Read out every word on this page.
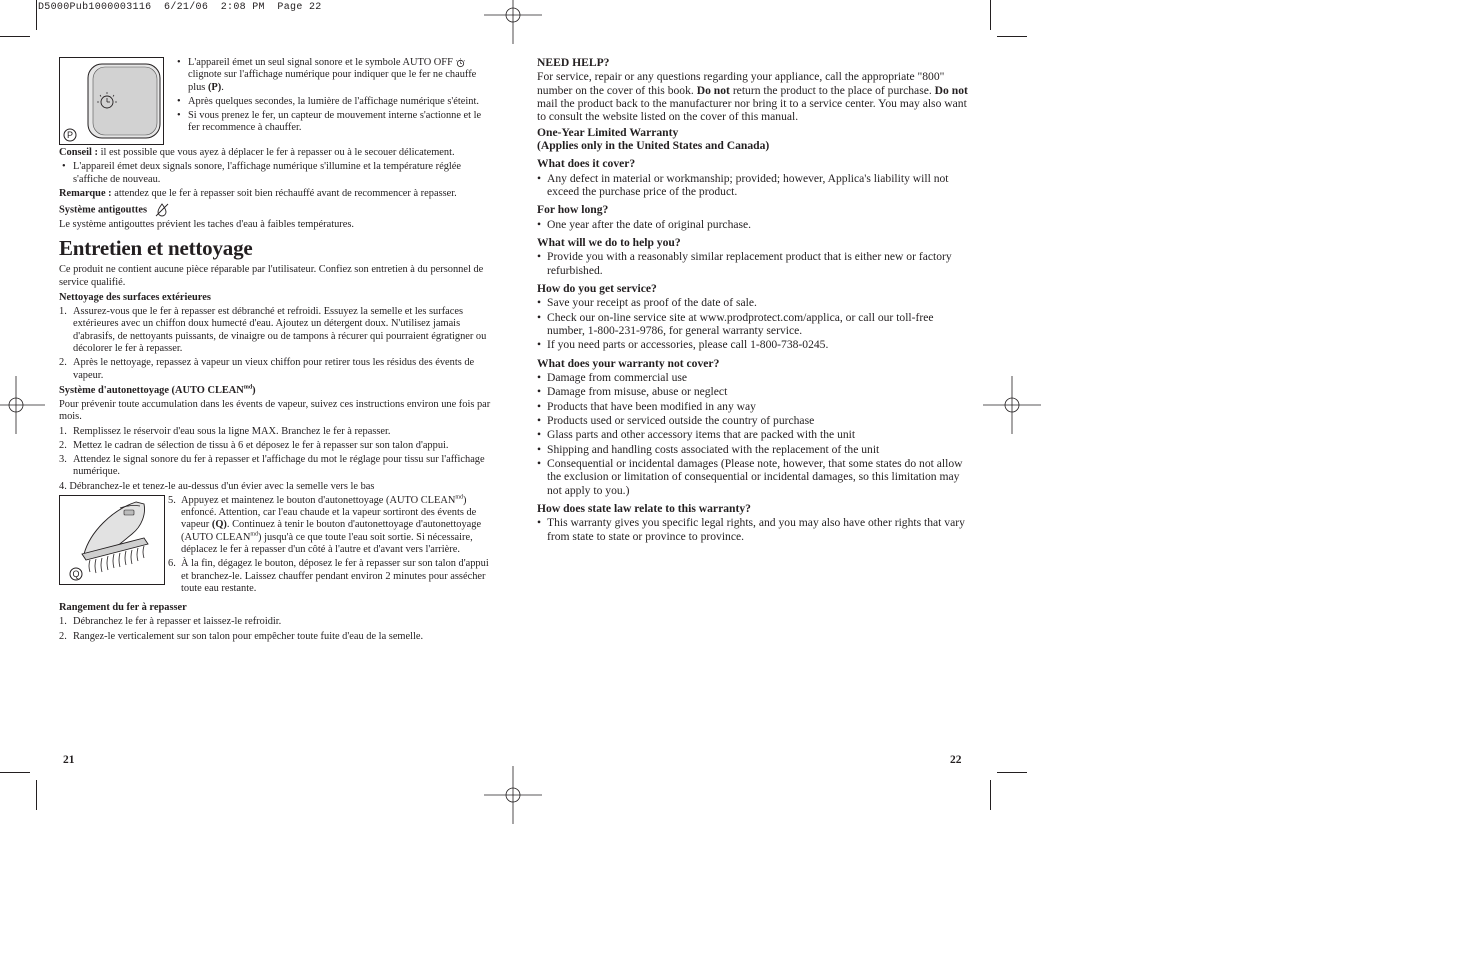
D5000Pub1000003116  6/21/06  2:08 PM  Page 22
P
• L'appareil émet un seul signal sonore et le symbole AUTO OFF  clignote sur l'affichage numérique pour indiquer que le fer ne chauffe plus (P).
• Après quelques secondes, la lumière de l'affichage numérique s'éteint.
• Si vous prenez le fer, un capteur de mouvement interne s'actionne et le fer recommence à chauffer.

Conseil : il est possible que vous ayez à déplacer le fer à repasser ou à le secouer délicatement.

• L'appareil émet deux signals sonore, l'affichage numérique s'illumine et la température réglée s'affiche de nouveau.

Remarque : attendez que le fer à repasser soit bien réchauffé avant de recommencer à repasser.

Système antigouttes

Le système antigouttes prévient les taches d'eau à faibles températures.

Entretien et nettoyage

Ce produit ne contient aucune pièce réparable par l'utilisateur. Confiez son entretien à du personnel de service qualifié.

Nettoyage des surfaces extérieures

1. Assurez-vous que le fer à repasser est débranché et refroidi. Essuyez la semelle et les surfaces extérieures avec un chiffon doux humecté d'eau. Ajoutez un détergent doux. N'utilisez jamais d'abrasifs, de nettoyants puissants, de vinaigre ou de tampons à récurer qui pourraient égratigner ou décolorer le fer à repasser.
2. Après le nettoyage, repassez à vapeur un vieux chiffon pour retirer tous les résidus des évents de vapeur.

Système d'autonettoyage (AUTO $CLEAN^{md}$)

Pour prévenir toute accumulation dans les évents de vapeur, suivez ces instructions environ une fois par mois.

1. Remplissez le réservoir d'eau sous la ligne MAX. Branchez le fer à repasser.
2. Mettez le cadran de sélection de tissu à 6 et déposez le fer à repasser sur son talon d'appui.
3. Attendez le signal sonore du fer à repasser et l'affichage du mot le réglage pour tissu sur l'affichage numérique.

4. Débranchez-le et tenez-le au-dessus d'un évier avec la semelle vers le bas

Q
5. Appuyez et maintenez le bouton d'autonettoyage (AUTO $CLEAN^{md}$) enfoncé. Attention, car l'eau chaude et la vapeur sortiront des évents de vapeur (Q). Continuez à tenir le bouton d'autonettoyage d'autonettoyage (AUTO $CLEAN^{md}$) jusqu'à ce que toute l'eau soit sortie. Si nécessaire, déplacez le fer à repasser d'un côté à l'autre et d'avant vers l'arrière.
6. À la fin, dégagez le bouton, déposez le fer à repasser sur son talon d'appui et branchez-le. Laissez chauffer pendant environ 2 minutes pour assécher toute eau restante.

Rangement du fer à repasser

1. Débranchez le fer à repasser et laissez-le refroidir.
2. Rangez-le verticalement sur son talon pour empêcher toute fuite d'eau de la semelle.
21

NEED HELP?

For service, repair or any questions regarding your appliance, call the appropriate "800" number on the cover of this book. Do not return the product to the place of purchase. Do not mail the product back to the manufacturer nor bring it to a service center. You may also want to consult the website listed on the cover of this manual.

One-Year Limited Warranty

(Applies only in the United States and Canada)

What does it cover?

• Any defect in material or workmanship; provided; however, Applica's liability will not exceed the purchase price of the product.

For how long?

• One year after the date of original purchase.

What will we do to help you?

• Provide you with a reasonably similar replacement product that is either new or factory refurbished.

How do you get service?

• Save your receipt as proof of the date of sale.
• Check our on-line service site at www.prodprotect.com/applica, or call our toll-free number, 1-800-231-9786, for general warranty service.
• If you need parts or accessories, please call 1-800-738-0245.

What does your warranty not cover?

• Damage from commercial use
• Damage from misuse, abuse or neglect
• Products that have been modified in any way
• Products used or serviced outside the country of purchase
• Glass parts and other accessory items that are packed with the unit
• Shipping and handling costs associated with the replacement of the unit
• Consequential or incidental damages (Please note, however, that some states do not allow the exclusion or limitation of consequential or incidental damages, so this limitation may not apply to you.)

How does state law relate to this warranty?

• This warranty gives you specific legal rights, and you may also have other rights that vary from state to state or province to province.
22
